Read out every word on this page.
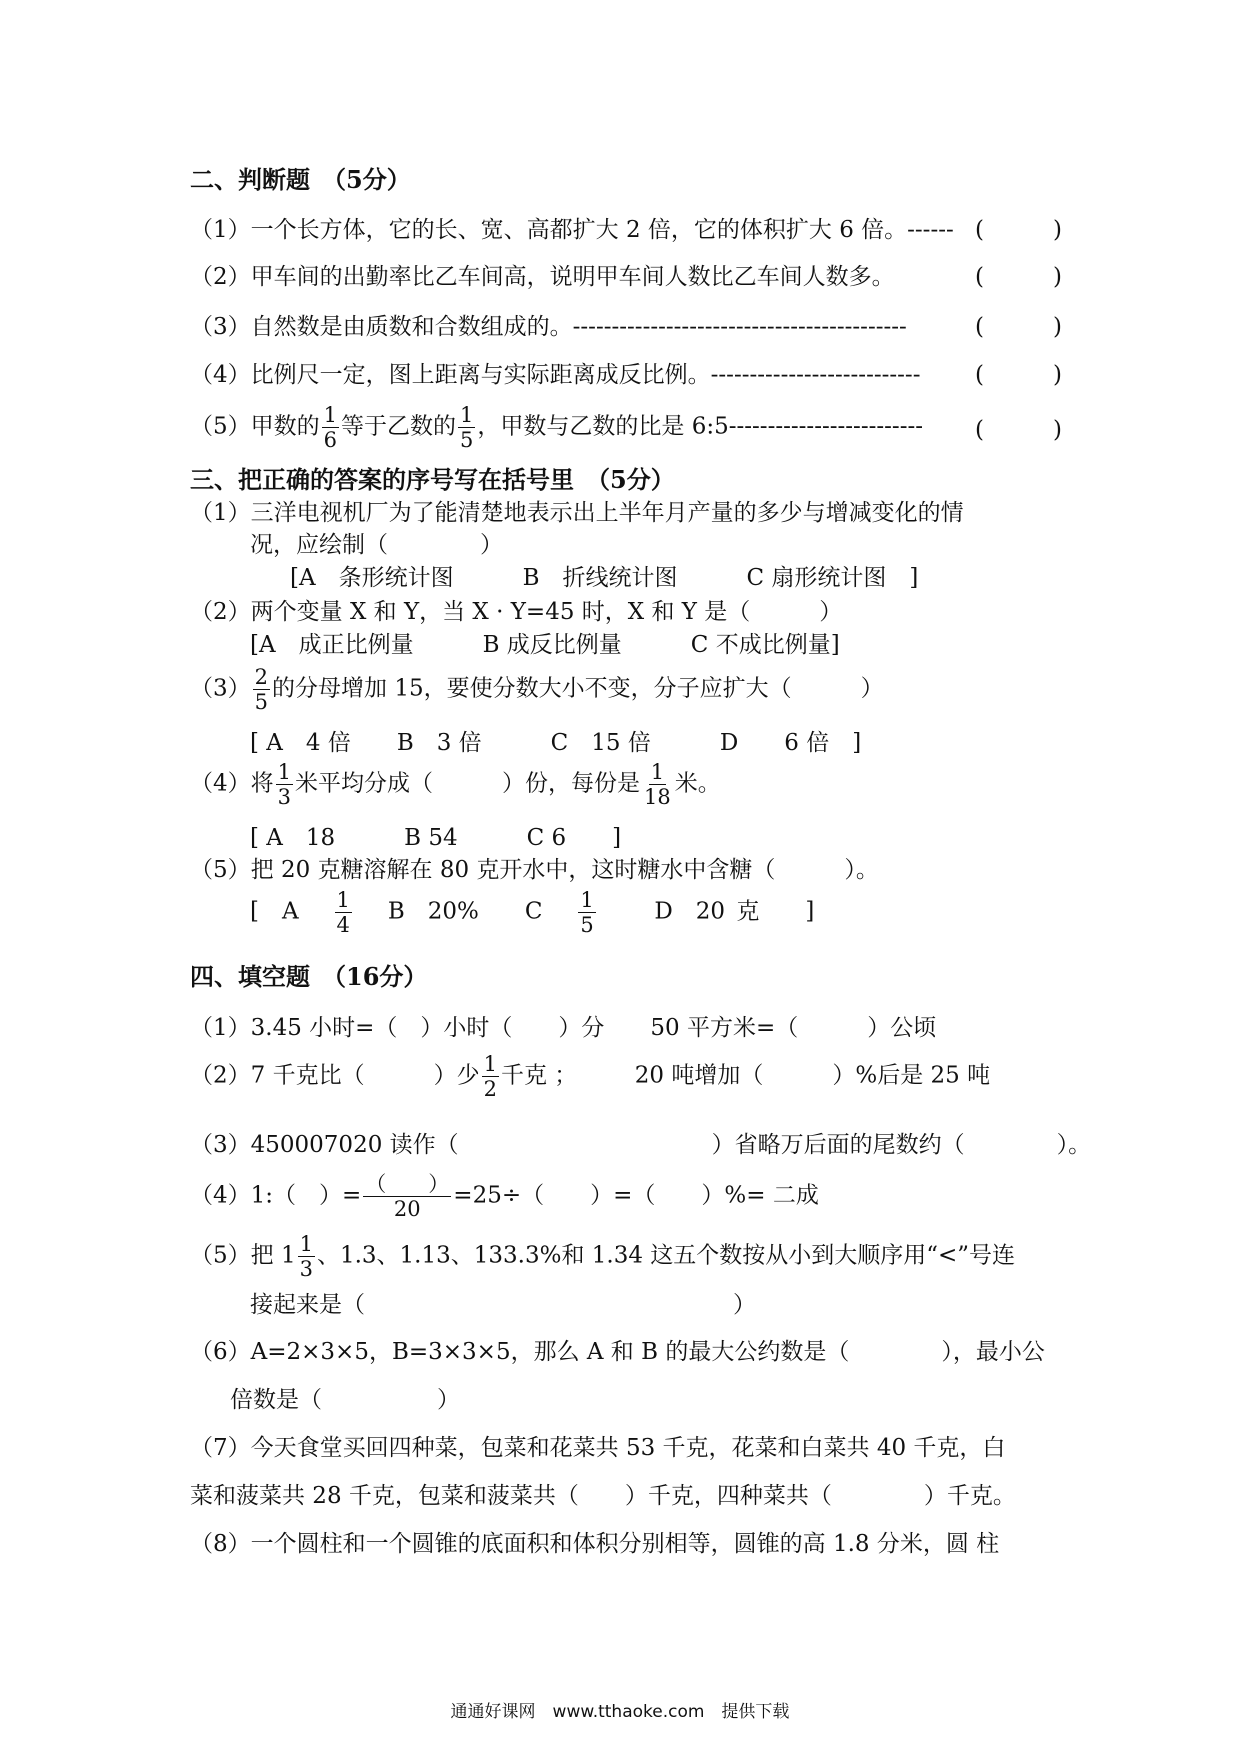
二、判断题　（5分）
（1）一个长方体，它的长、宽、高都扩大 2 倍，它的体积扩大 6 倍。------ (　　　)
（2）甲车间的出勤率比乙车间高，说明甲车间人数比乙车间人数多。	(　　　)
（3）自然数是由质数和合数组成的。-------------------------------------------	(　　　)
（4）比例尺一定，图上距离与实际距离成反比例。--------------------------- (　　　)
（5）甲数的 $\frac{1}{6}$ 等于乙数的 $\frac{1}{5}$ ，甲数与乙数的比是 6:5------------------------- (　　　)
三、把正确的答案的序号写在括号里　（5分）
（1）三洋电视机厂为了能清楚地表示出上半年月产量的多少与增减变化的情
况，应绘制（　　　　）
[A　条形统计图　　　B　折线统计图　　　C 扇形统计图　]
（2）两个变量 X 和 Y，当 X · Y=45 时，X 和 Y 是（　　　）
[A　成正比例量　　　B 成反比例量　　　C 不成比例量]
$(3) \frac{2}{5}$ 的分母增加 15，要使分数大小不变，分子应扩大（　　　）
[ A　4 倍　　B　3 倍　　　C　15 倍　　　D　　6 倍　]
（4）将 $\frac{1}{3}$ 米平均分成（　　　）份，每份是 $\frac{1}{18}$ 米。
[ A　18　　　B 54　　　C 6　　]
（5）把 20 克糖溶解在 80 克开水中，这时糖水中含糖（　　　）。
[　A $\frac{1}{4}$ B　20%　　C $\frac{1}{5}$	D　20 克　　]
四、填空题　（16分）
（1）3.45 小时=（　）小时（　　）分　　50 平方米=（　　　）公顷
（2）7 千克比（　　　）少 $\frac{1}{2}$ 千克 ；　　　20 吨增加（　　　）%后是 25 吨
（3）450007020 读作（　　　　　　　　　　　）省略万后面的尾数约（　　　　）。
（4）1:（　）= $\frac{( )}{20} =25\div$（　　）=（　　）%= 二成
（5）把 $1 \frac{1}{3}$ 、1.3、1.13、133.3%和 1.34 这五个数按从小到大顺序用“<”号连
接起来是（　　　　　　　　　　　　　　　　）
（6）A=2×3×5，B=3×3×5，那么 A 和 B 的最大公约数是（　　　　），最小公
倍数是（　　　　　）
（7）今天食堂买回四种菜，包菜和花菜共 53 千克，花菜和白菜共 40 千克，白
菜和菠菜共 28 千克，包菜和菠菜共（　　）千克，四种菜共（　　　　）千克。
（8）一个圆柱和一个圆锥的底面积和体积分别相等，圆锥的高 1.8 分米，圆 柱
通通好课网　www.tthaoke.com　提供下载
